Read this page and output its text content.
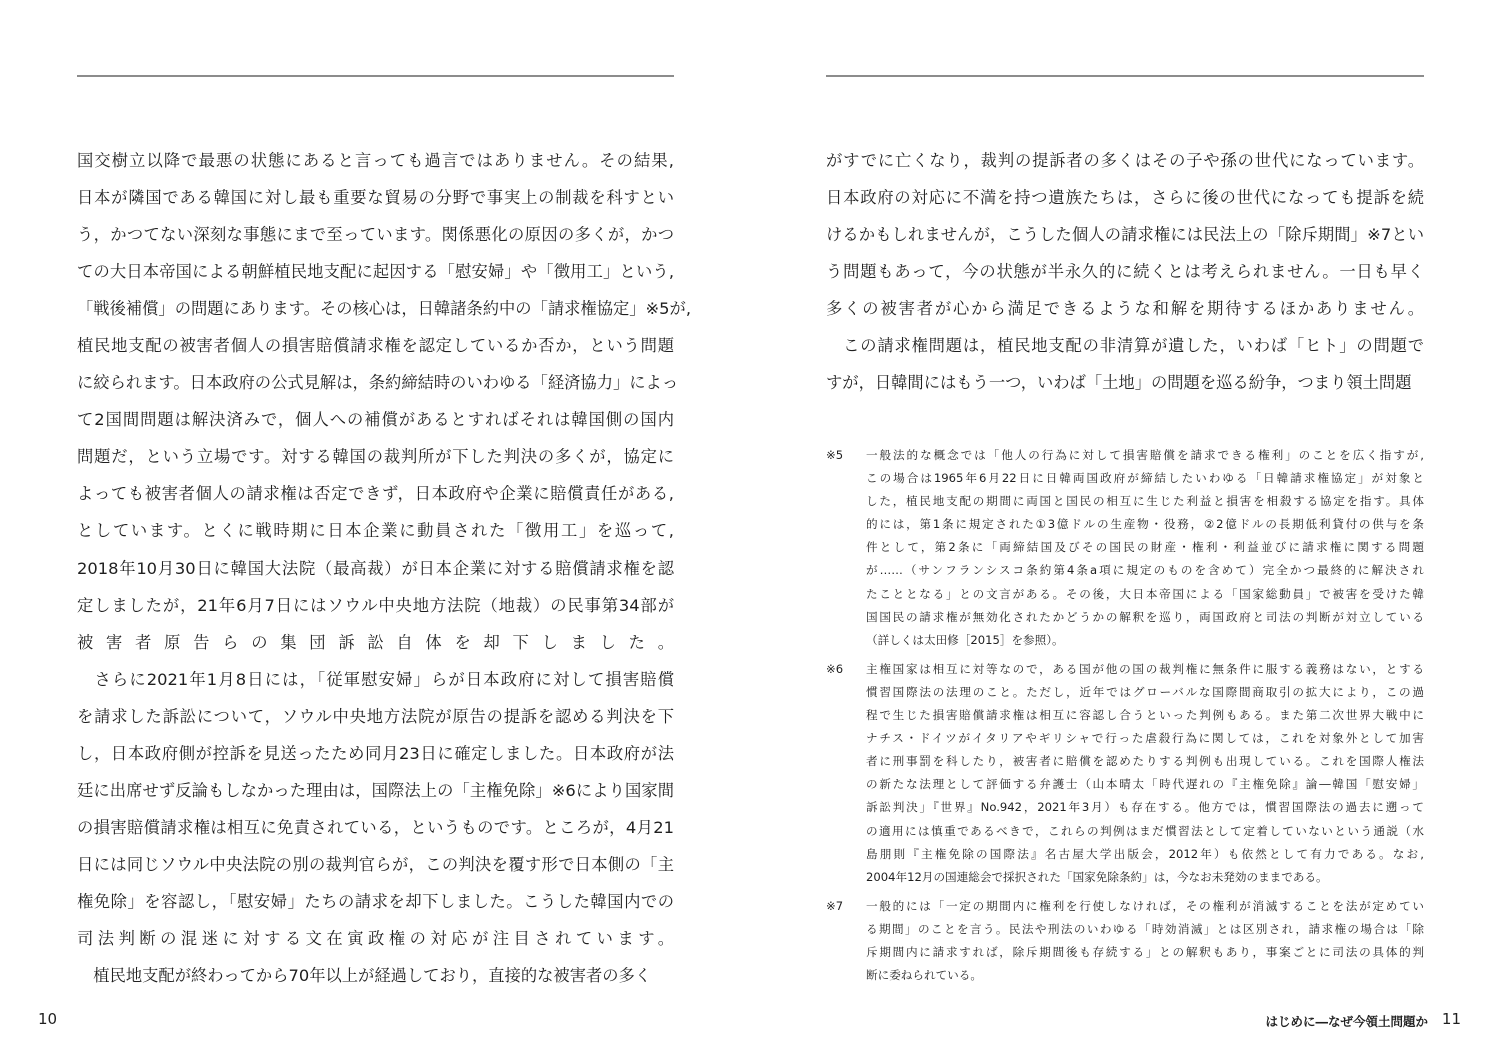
国交樹立以降で最悪の状態にあると言っても過言ではありません。その結果,
日本が隣国である韓国に対し最も重要な貿易の分野で事実上の制裁を科すとい
う，かつてない深刻な事態にまで至っています。関係悪化の原因の多くが，かつ
ての大日本帝国による朝鮮植民地支配に起因する「慰安婦」や「徴用工」という,
「戦後補償」の問題にあります。その核心は，日韓諸条約中の「請求権協定」※5が,
植民地支配の被害者個人の損害賠償請求権を認定しているか否か，という問題
に絞られます。日本政府の公式見解は，条約締結時のいわゆる「経済協力」によっ
て2国間問題は解決済みで，個人への補償があるとすればそれは韓国側の国内
問題だ，という立場です。対する韓国の裁判所が下した判決の多くが，協定に
よっても被害者個人の請求権は否定できず，日本政府や企業に賠償責任がある,
としています。とくに戦時期に日本企業に動員された「徴用工」を巡って,
2018年10月30日に韓国大法院（最高裁）が日本企業に対する賠償請求権を認
定しましたが，21年6月7日にはソウル中央地方法院（地裁）の民事第34部が
被害者原告らの集団訴訟自体を却下しました。
　さらに2021年1月8日には，「従軍慰安婦」らが日本政府に対して損害賠償
を請求した訴訟について，ソウル中央地方法院が原告の提訴を認める判決を下
し，日本政府側が控訴を見送ったため同月23日に確定しました。日本政府が法
廷に出席せず反論もしなかった理由は，国際法上の「主権免除」※6により国家間
の損害賠償請求権は相互に免責されている，というものです。ところが，4月21
日には同じソウル中央法院の別の裁判官らが，この判決を覆す形で日本側の「主
権免除」を容認し，「慰安婦」たちの請求を却下しました。こうした韓国内での
司法判断の混迷に対する文在寅政権の対応が注目されています。
　植民地支配が終わってから70年以上が経過しており，直接的な被害者の多く
がすでに亡くなり，裁判の提訴者の多くはその子や孫の世代になっています。
日本政府の対応に不満を持つ遺族たちは，さらに後の世代になっても提訴を続
けるかもしれませんが，こうした個人の請求権には民法上の「除斥期間」※7とい
う問題もあって，今の状態が半永久的に続くとは考えられません。一日も早く
多くの被害者が心から満足できるような和解を期待するほかありません。
　この請求権問題は，植民地支配の非清算が遺した，いわば「ヒト」の問題で
すが，日韓間にはもう一つ，いわば「土地」の問題を巡る紛争，つまり領土問題
※5 一般法的な概念では「他人の行為に対して損害賠償を請求できる権利」のことを広く指すが,
この場合は1965年6月22日に日韓両国政府が締結したいわゆる「日韓請求権協定」が対象と
した，植民地支配の期間に両国と国民の相互に生じた利益と損害を相殺する協定を指す。具体
的には，第1条に規定された①3億ドルの生産物・役務，②2億ドルの長期低利貸付の供与を条
件として，第2条に「両締結国及びその国民の財産・権利・利益並びに請求権に関する問題
が……（サンフランシスコ条約第4条a項に規定のものを含めて）完全かつ最終的に解決され
たこととなる」との文言がある。その後，大日本帝国による「国家総動員」で被害を受けた韓
国国民の請求権が無効化されたかどうかの解釈を巡り，両国政府と司法の判断が対立している
（詳しくは太田修［2015］を参照）。
※6 主権国家は相互に対等なので，ある国が他の国の裁判権に無条件に服する義務はない，とする
慣習国際法の法理のこと。ただし，近年ではグローバルな国際間商取引の拡大により，この過
程で生じた損害賠償請求権は相互に容認し合うといった判例もある。また第二次世界大戦中に
ナチス・ドイツがイタリアやギリシャで行った虐殺行為に関しては，これを対象外として加害
者に刑事罰を科したり，被害者に賠償を認めたりする判例も出現している。これを国際人権法
の新たな法理として評価する弁護士（山本晴太「時代遅れの『主権免除』論―韓国「慰安婦」
訴訟判決」『世界』No.942，2021年3月）も存在する。他方では，慣習国際法の過去に遡って
の適用には慎重であるべきで，これらの判例はまだ慣習法として定着していないという通説（水
島朋則『主権免除の国際法』名古屋大学出版会，2012年）も依然として有力である。なお,
2004年12月の国連総会で採択された「国家免除条約」は，今なお未発効のままである。
※7 一般的には「一定の期間内に権利を行使しなければ，その権利が消滅することを法が定めてい
る期間」のことを言う。民法や刑法のいわゆる「時効消滅」とは区別され，請求権の場合は「除
斥期間内に請求すれば，除斥期間後も存続する」との解釈もあり，事案ごとに司法の具体的判
断に委ねられている。
10	はじめに―なぜ今領土問題か 11
